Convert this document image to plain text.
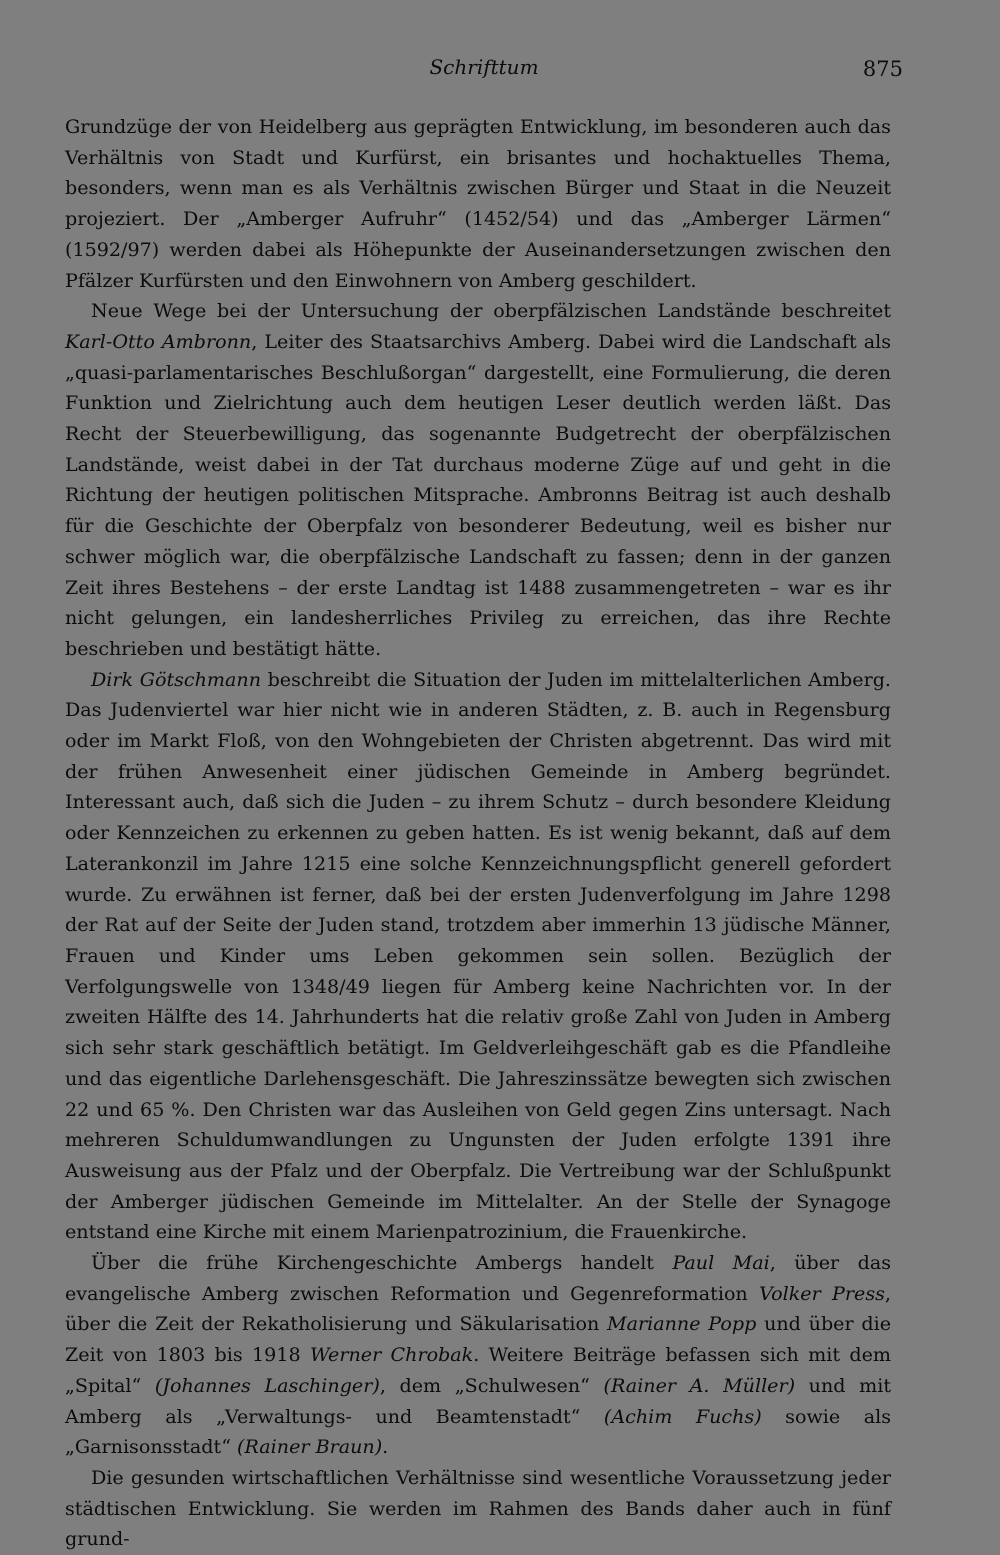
Schrifttum	875

Grundzüge der von Heidelberg aus geprägten Entwicklung, im besonderen auch das Verhältnis von Stadt und Kurfürst, ein brisantes und hochaktuelles Thema, besonders, wenn man es als Verhältnis zwischen Bürger und Staat in die Neuzeit projeziert. Der „Amberger Aufruhr“ (1452/54) und das „Amberger Lärmen“ (1592/97) werden dabei als Höhepunkte der Auseinandersetzungen zwischen den Pfälzer Kurfürsten und den Einwohnern von Amberg geschildert.

Neue Wege bei der Untersuchung der oberpfälzischen Landstände beschreitet Karl-Otto Ambronn, Leiter des Staatsarchivs Amberg. Dabei wird die Landschaft als „quasi-parlamentarisches Beschlußorgan“ dargestellt, eine Formulierung, die deren Funktion und Zielrichtung auch dem heutigen Leser deutlich werden läßt. Das Recht der Steuerbewilligung, das sogenannte Budgetrecht der oberpfälzischen Landstände, weist dabei in der Tat durchaus moderne Züge auf und geht in die Richtung der heutigen politischen Mitsprache. Ambronns Beitrag ist auch deshalb für die Geschichte der Oberpfalz von besonderer Bedeutung, weil es bisher nur schwer möglich war, die oberpfälzische Landschaft zu fassen; denn in der ganzen Zeit ihres Bestehens – der erste Landtag ist 1488 zusammengetreten – war es ihr nicht gelungen, ein landesherrliches Privileg zu erreichen, das ihre Rechte beschrieben und bestätigt hätte.

Dirk Götschmann beschreibt die Situation der Juden im mittelalterlichen Amberg. Das Judenviertel war hier nicht wie in anderen Städten, z. B. auch in Regensburg oder im Markt Floß, von den Wohngebieten der Christen abgetrennt. Das wird mit der frühen Anwesenheit einer jüdischen Gemeinde in Amberg begründet. Interessant auch, daß sich die Juden – zu ihrem Schutz – durch besondere Kleidung oder Kennzeichen zu erkennen zu geben hatten. Es ist wenig bekannt, daß auf dem Laterankonzil im Jahre 1215 eine solche Kennzeichnungspflicht generell gefordert wurde. Zu erwähnen ist ferner, daß bei der ersten Judenverfolgung im Jahre 1298 der Rat auf der Seite der Juden stand, trotzdem aber immerhin 13 jüdische Männer, Frauen und Kinder ums Leben gekommen sein sollen. Bezüglich der Verfolgungswelle von 1348/49 liegen für Amberg keine Nachrichten vor. In der zweiten Hälfte des 14. Jahrhunderts hat die relativ große Zahl von Juden in Amberg sich sehr stark geschäftlich betätigt. Im Geldverleihgeschäft gab es die Pfandleihe und das eigentliche Darlehensgeschäft. Die Jahreszinssätze bewegten sich zwischen 22 und 65 %. Den Christen war das Ausleihen von Geld gegen Zins untersagt. Nach mehreren Schuldumwandlungen zu Ungunsten der Juden erfolgte 1391 ihre Ausweisung aus der Pfalz und der Oberpfalz. Die Vertreibung war der Schlußpunkt der Amberger jüdischen Gemeinde im Mittelalter. An der Stelle der Synagoge entstand eine Kirche mit einem Marienpatrozinium, die Frauenkirche.

Über die frühe Kirchengeschichte Ambergs handelt Paul Mai, über das evangelische Amberg zwischen Reformation und Gegenreformation Volker Press, über die Zeit der Rekatholisierung und Säkularisation Marianne Popp und über die Zeit von 1803 bis 1918 Werner Chrobak. Weitere Beiträge befassen sich mit dem „Spital“ (Johannes Laschinger), dem „Schulwesen“ (Rainer A. Müller) und mit Amberg als „Verwaltungs- und Beamtenstadt“ (Achim Fuchs) sowie als „Garnisonsstadt“ (Rainer Braun).

Die gesunden wirtschaftlichen Verhältnisse sind wesentliche Voraussetzung jeder städtischen Entwicklung. Sie werden im Rahmen des Bands daher auch in fünf grund-
